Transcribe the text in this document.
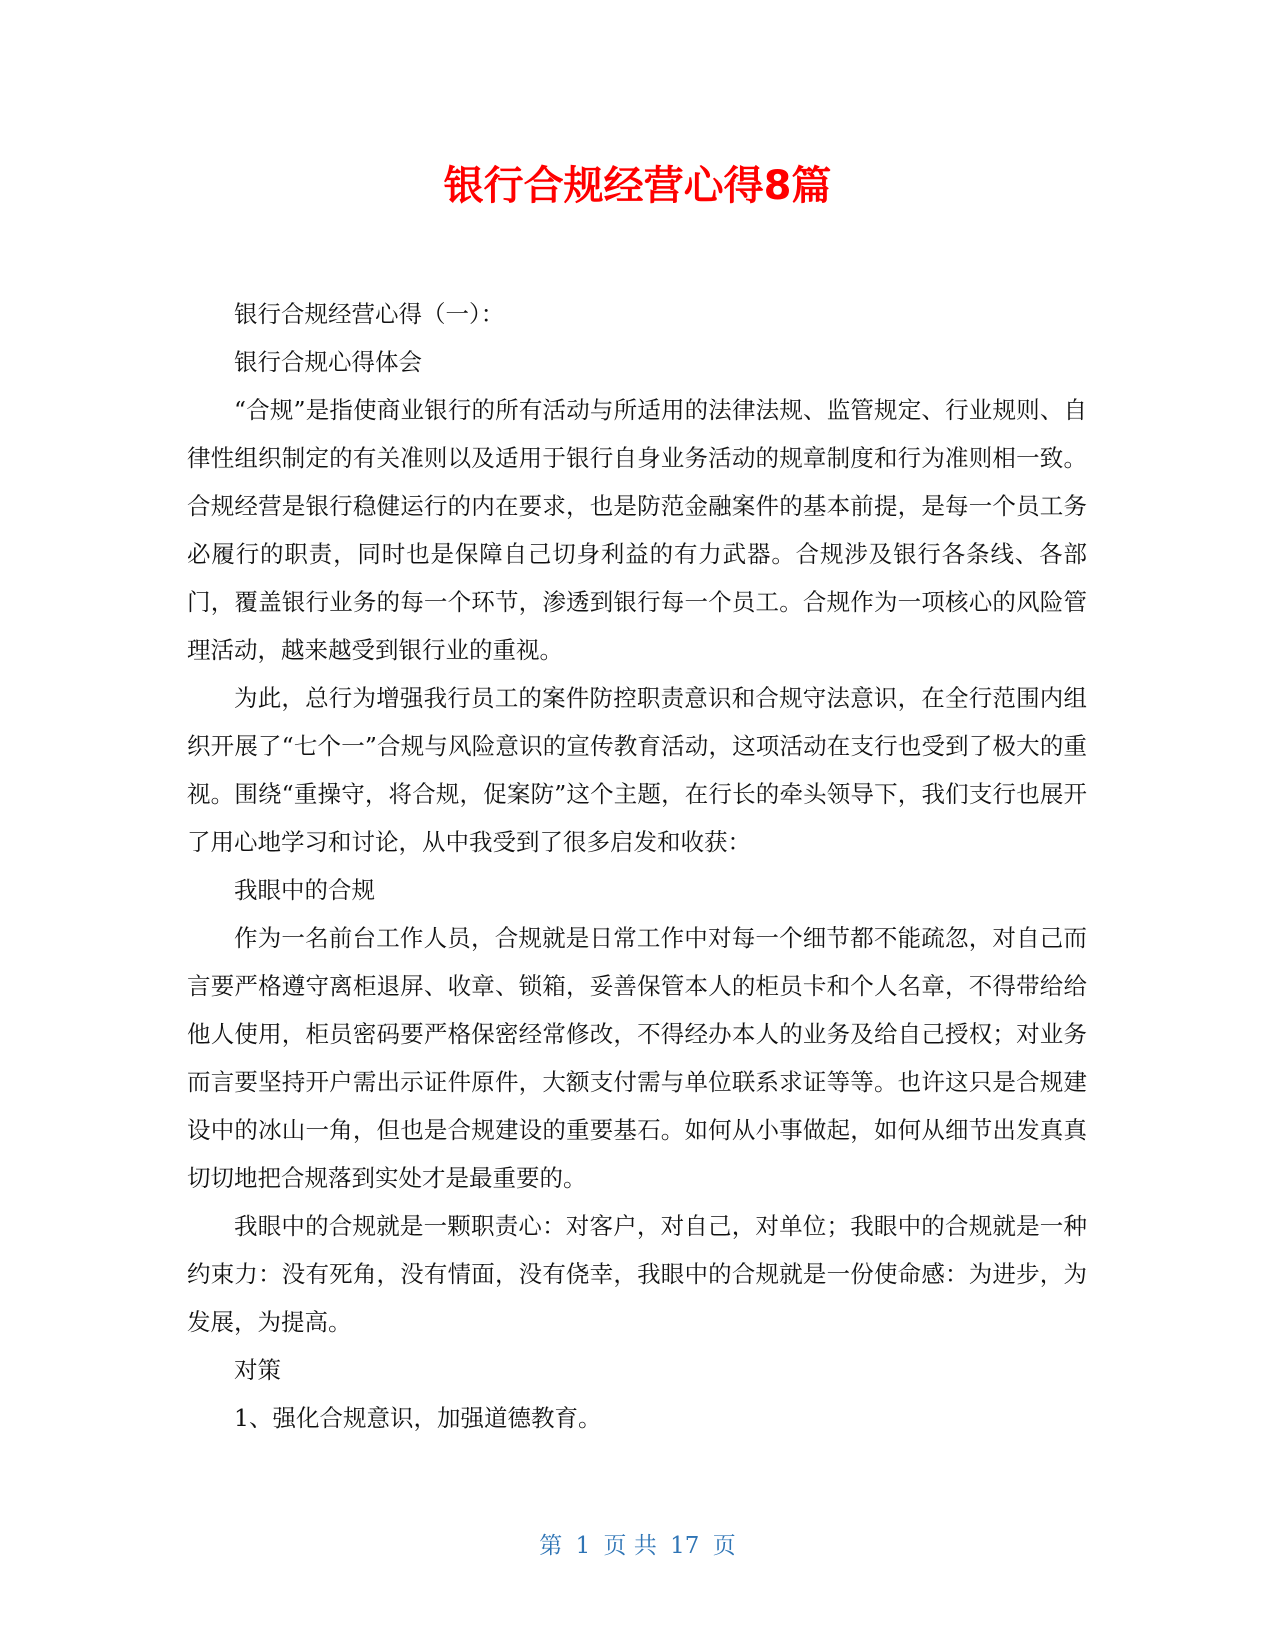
银行合规经营心得8篇

银行合规经营心得（一）：

银行合规心得体会

“合规”是指使商业银行的所有活动与所适用的法律法规、监管规定、行业规则、自律性组织制定的有关准则以及适用于银行自身业务活动的规章制度和行为准则相一致。合规经营是银行稳健运行的内在要求，也是防范金融案件的基本前提，是每一个员工务必履行的职责，同时也是保障自己切身利益的有力武器。合规涉及银行各条线、各部门，覆盖银行业务的每一个环节，渗透到银行每一个员工。合规作为一项核心的风险管理活动，越来越受到银行业的重视。

为此，总行为增强我行员工的案件防控职责意识和合规守法意识，在全行范围内组织开展了“七个一”合规与风险意识的宣传教育活动，这项活动在支行也受到了极大的重视。围绕“重操守，将合规，促案防”这个主题，在行长的牵头领导下，我们支行也展开了用心地学习和讨论，从中我受到了很多启发和收获：

我眼中的合规

作为一名前台工作人员，合规就是日常工作中对每一个细节都不能疏忽，对自己而言要严格遵守离柜退屏、收章、锁箱，妥善保管本人的柜员卡和个人名章，不得带给给他人使用，柜员密码要严格保密经常修改，不得经办本人的业务及给自己授权；对业务而言要坚持开户需出示证件原件，大额支付需与单位联系求证等等。也许这只是合规建设中的冰山一角，但也是合规建设的重要基石。如何从小事做起，如何从细节出发真真切切地把合规落到实处才是最重要的。

我眼中的合规就是一颗职责心：对客户，对自己，对单位；我眼中的合规就是一种约束力：没有死角，没有情面，没有侥幸，我眼中的合规就是一份使命感：为进步，为发展，为提高。

对策

1、强化合规意识，加强道德教育。

第 1 页 共 17 页
